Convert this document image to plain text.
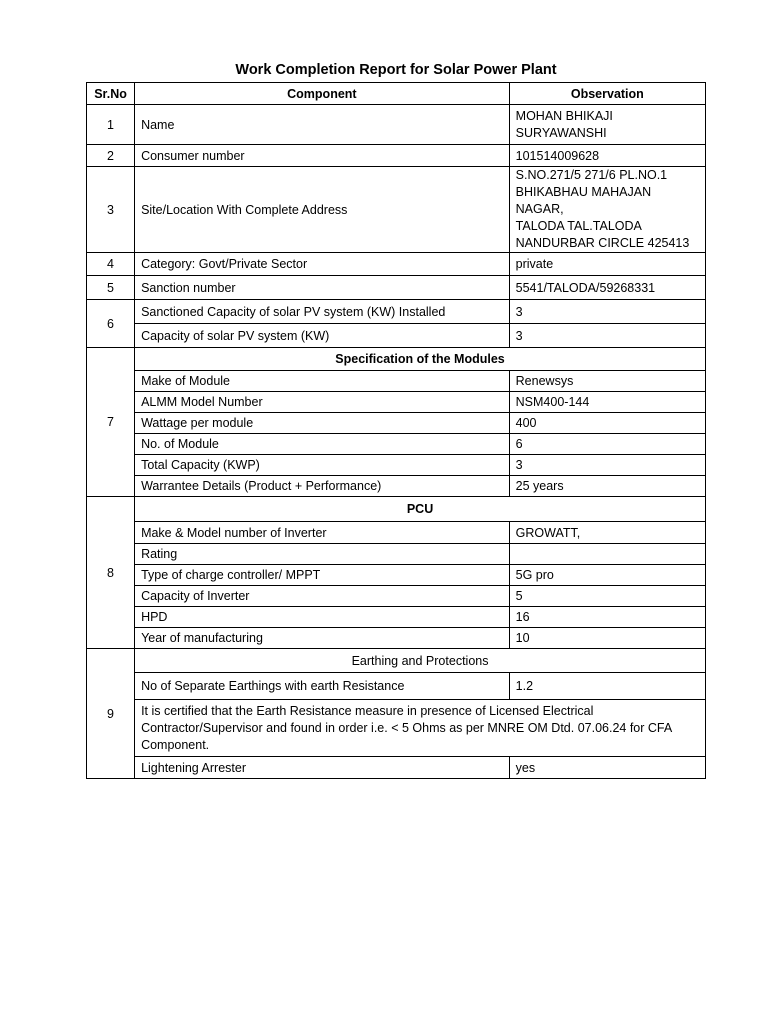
Work Completion Report for Solar Power Plant
Sr.No	Component	Observation
1	Name	MOHAN BHIKAJI
SURYAWANSHI

2	Consumer number	101514009628
3	Site/Location With Complete Address	S.NO.271/5 271/6 PL.NO.1
BHIKABHAU MAHAJAN NAGAR,
TALODA TAL.TALODA
NANDURBAR CIRCLE 425413

4	Category: Govt/Private Sector	private
5	Sanction number	5541/TALODA/59268331
6	Sanctioned Capacity of solar PV system (KW) Installed	3
	Capacity of solar PV system (KW)	3
7	Specification of the Modules	
	Make of Module	Renewsys
	ALMM Model Number	NSM400-144
	Wattage per module	400
	No. of Module	6
	Total Capacity (KWP)	3
	Warrantee Details (Product + Performance)	25 years
8	PCU	
	Make & Model number of Inverter	GROWATT,
	Rating	
	Type of charge controller/ MPPT	5G pro
	Capacity of Inverter	5
	HPD	16
	Year of manufacturing	10
9	Earthing and Protections	
	No of Separate Earthings with earth Resistance	1.2

	It is certified that the Earth Resistance measure in presence of Licensed Electrical
Contractor/Supervisor and found in order i.e. < 5 Ohms as per MNRE OM Dtd. 07.06.24 for CFA
Component.	

	Lightening Arrester	yes
